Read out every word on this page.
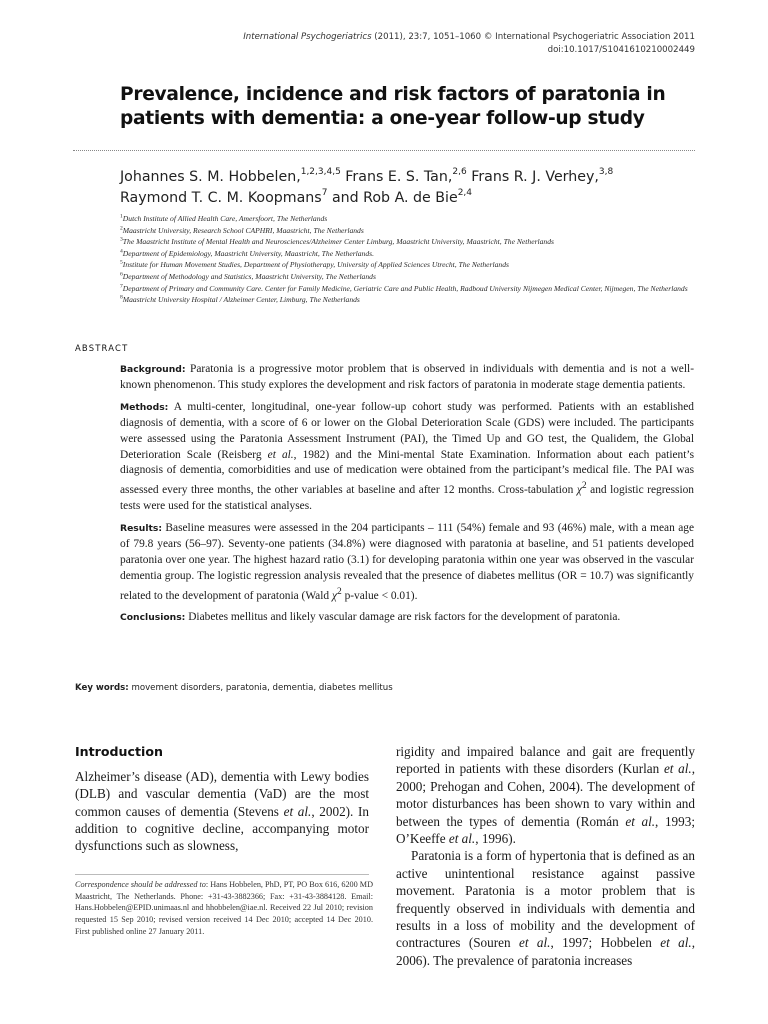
International Psychogeriatrics (2011), 23:7, 1051–1060 © International Psychogeriatric Association 2011
doi:10.1017/S1041610210002449
Prevalence, incidence and risk factors of paratonia in patients with dementia: a one-year follow-up study
Johannes S. M. Hobbelen,$^{1,2,3,4,5}$ Frans E. S. Tan,$^{2,6}$ Frans R. J. Verhey,$^{3,8}$
Raymond T. C. M. Koopmans$^7$ and Rob A. de Bie$^{2,4}$
$^1$Dutch Institute of Allied Health Care, Amersfoort, The Netherlands
$^2$Maastricht University, Research School CAPHRI, Maastricht, The Netherlands
$^3$The Maastricht Institute of Mental Health and Neurosciences/Alzheimer Center Limburg, Maastricht University, Maastricht, The Netherlands
$^4$Department of Epidemiology, Maastricht University, Maastricht, The Netherlands.
$^5$Institute for Human Movement Studies, Department of Physiotherapy, University of Applied Sciences Utrecht, The Netherlands
$^6$Department of Methodology and Statistics, Maastricht University, The Netherlands
$^7$Department of Primary and Community Care. Center for Family Medicine, Geriatric Care and Public Health, Radboud University Nijmegen Medical Center, Nijmegen, The Netherlands
$^8$Maastricht University Hospital / Alzheimer Center, Limburg, The Netherlands
ABSTRACT

Background: Paratonia is a progressive motor problem that is observed in individuals with dementia and is not a well-known phenomenon. This study explores the development and risk factors of paratonia in moderate stage dementia patients.

Methods: A multi-center, longitudinal, one-year follow-up cohort study was performed. Patients with an established diagnosis of dementia, with a score of 6 or lower on the Global Deterioration Scale (GDS) were included. The participants were assessed using the Paratonia Assessment Instrument (PAI), the Timed Up and GO test, the Qualidem, the Global Deterioration Scale (Reisberg et al., 1982) and the Mini-mental State Examination. Information about each patient’s diagnosis of dementia, comorbidities and use of medication were obtained from the participant’s medical file. The PAI was assessed every three months, the other variables at baseline and after 12 months. Cross-tabulation $\chi^2$ and logistic regression tests were used for the statistical analyses.

Results: Baseline measures were assessed in the 204 participants – 111 (54%) female and 93 (46%) male, with a mean age of 79.8 years (56–97). Seventy-one patients (34.8%) were diagnosed with paratonia at baseline, and 51 patients developed paratonia over one year. The highest hazard ratio (3.1) for developing paratonia within one year was observed in the vascular dementia group. The logistic regression analysis revealed that the presence of diabetes mellitus (OR = 10.7) was significantly related to the development of paratonia (Wald $\chi^2$ p-value < 0.01).

Conclusions: Diabetes mellitus and likely vascular damage are risk factors for the development of paratonia.

Key words: movement disorders, paratonia, dementia, diabetes mellitus
Introduction
Alzheimer’s disease (AD), dementia with Lewy bodies (DLB) and vascular dementia (VaD) are the most common causes of dementia (Stevens et al., 2002). In addition to cognitive decline, accompanying motor dysfunctions such as slowness,

rigidity and impaired balance and gait are frequently reported in patients with these disorders (Kurlan et al., 2000; Prehogan and Cohen, 2004). The development of motor disturbances has been shown to vary within and between the types of dementia (Román et al., 1993; O’Keeffe et al., 1996).

Paratonia is a form of hypertonia that is defined as an active unintentional resistance against passive movement. Paratonia is a motor problem that is frequently observed in individuals with dementia and results in a loss of mobility and the development of contractures (Souren et al., 1997; Hobbelen et al., 2006). The prevalence of paratonia increases

Correspondence should be addressed to: Hans Hobbelen, PhD, PT, PO Box 616, 6200 MD Maastricht, The Netherlands. Phone: +31-43-3882366; Fax: +31-43-3884128. Email: Hans.Hobbelen@EPID.unimaas.nl and hhobbelen@iae.nl. Received 22 Jul 2010; revision requested 15 Sep 2010; revised version received 14 Dec 2010; accepted 14 Dec 2010. First published online 27 January 2011.
